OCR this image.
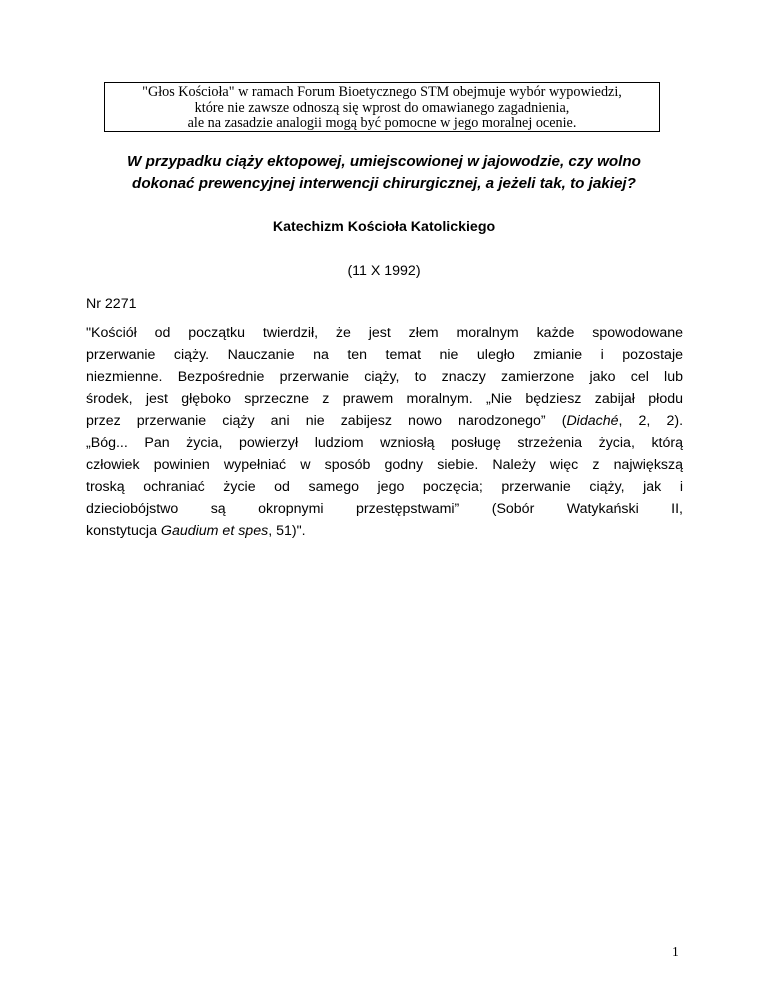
"Głos Kościoła" w ramach Forum Bioetycznego STM obejmuje wybór wypowiedzi,
które nie zawsze odnoszą się wprost do omawianego zagadnienia,
ale na zasadzie analogii mogą być pomocne w jego moralnej ocenie.
W przypadku ciąży ektopowej, umiejscowionej w jajowodzie, czy wolno
dokonać prewencyjnej interwencji chirurgicznej, a jeżeli tak, to jakiej?
Katechizm Kościoła Katolickiego
(11 X 1992)
Nr 2271
"Kościół od początku twierdził, że jest złem moralnym każde spowodowane
przerwanie ciąży. Nauczanie na ten temat nie uległo zmianie i pozostaje
niezmienne. Bezpośrednie przerwanie ciąży, to znaczy zamierzone jako cel lub
środek, jest głęboko sprzeczne z prawem moralnym. „Nie będziesz zabijał płodu
przez przerwanie ciąży ani nie zabijesz nowo narodzonego” (Didaché, 2, 2).
„Bóg... Pan życia, powierzył ludziom wzniosłą posługę strzeżenia życia, którą
człowiek powinien wypełniać w sposób godny siebie. Należy więc z największą
troską ochraniać życie od samego jego poczęcia; przerwanie ciąży, jak i
dzieciobójstwo są okropnymi przestępstwami” (Sobór Watykański II,
konstytucja Gaudium et spes, 51)".
1
